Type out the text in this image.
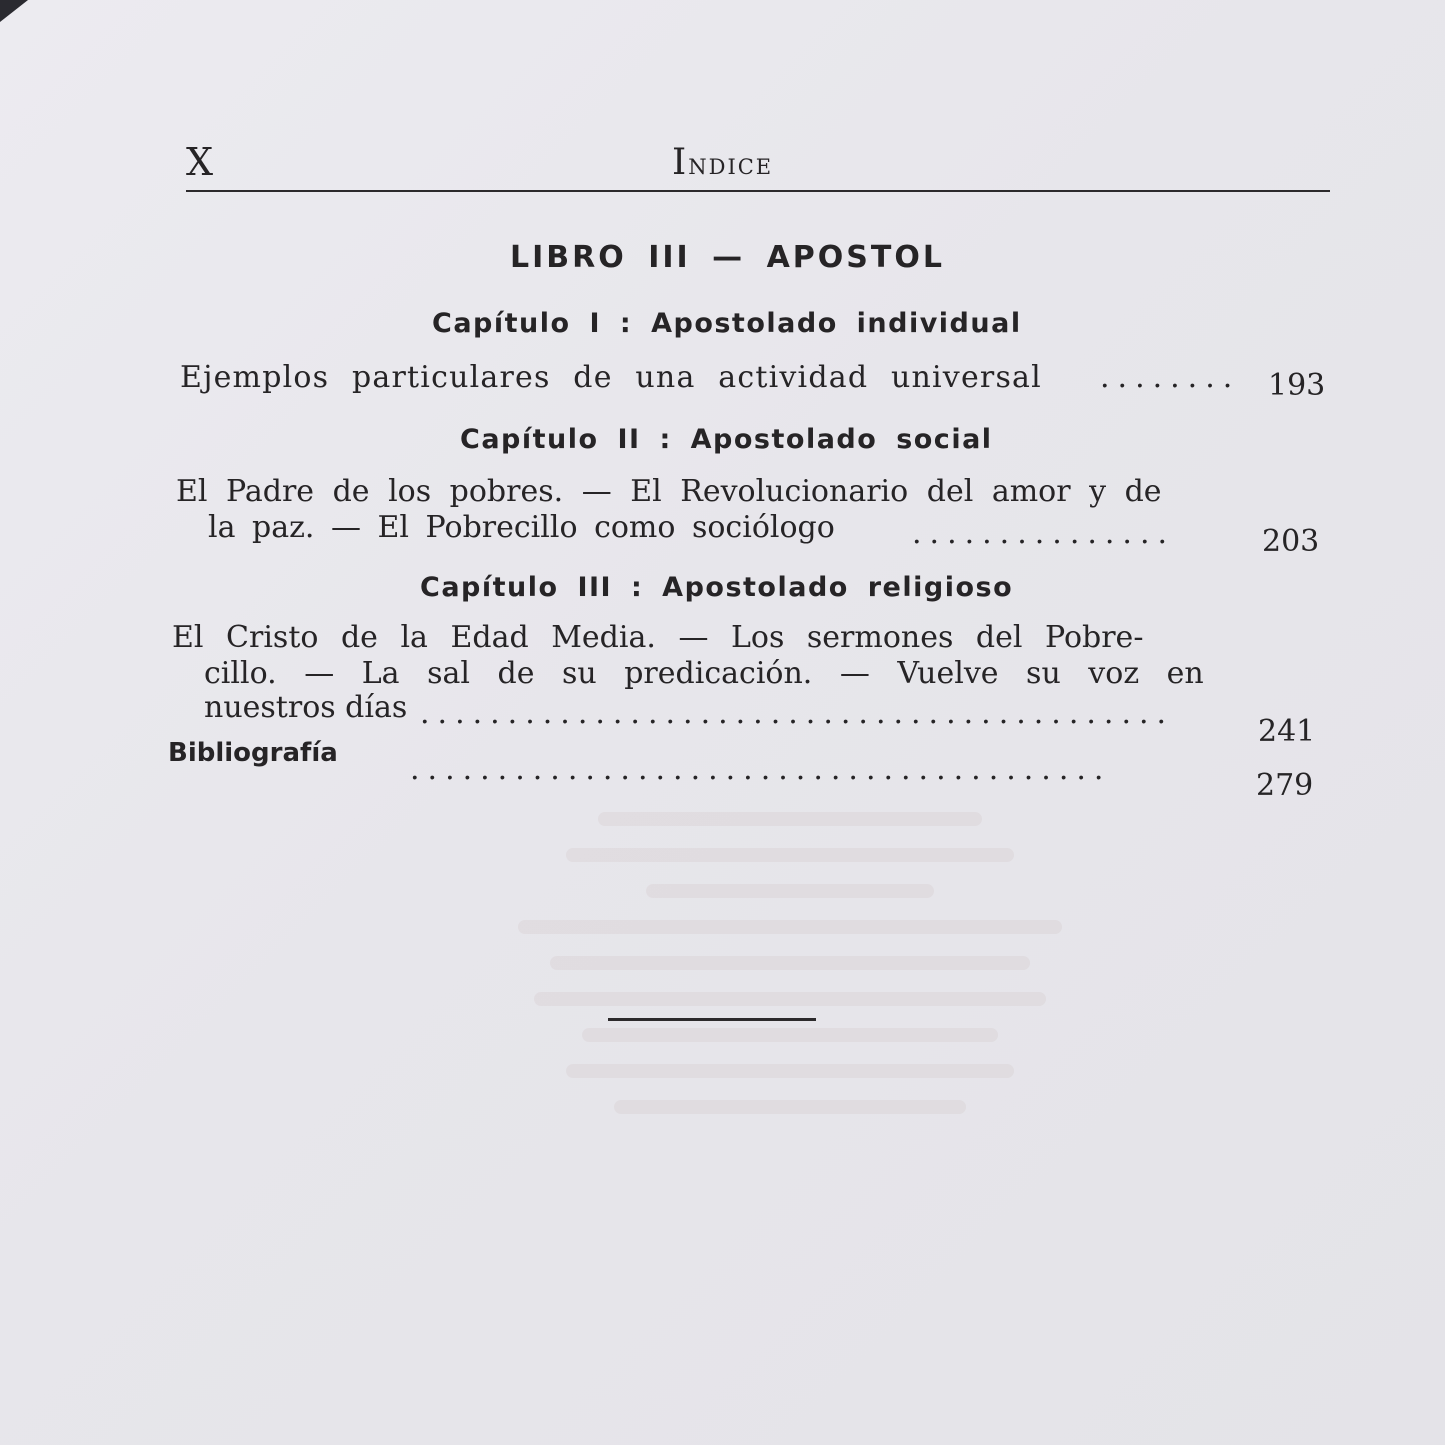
X	Indice
LIBRO III — APOSTOL
Capítulo I : Apostolado individual
Ejemplos particulares de una actividad universal ........ 193
Capítulo II : Apostolado social
El Padre de los pobres. — El Revolucionario del amor y de
la paz. — El Pobrecillo como sociólogo	...............	203
Capítulo III : Apostolado religioso
El Cristo de la Edad Media. — Los sermones del Pobre-
cillo. — La sal de su predicación. — Vuelve su voz en
nuestros días ...........................................
241
Bibliografía ........................................	279
